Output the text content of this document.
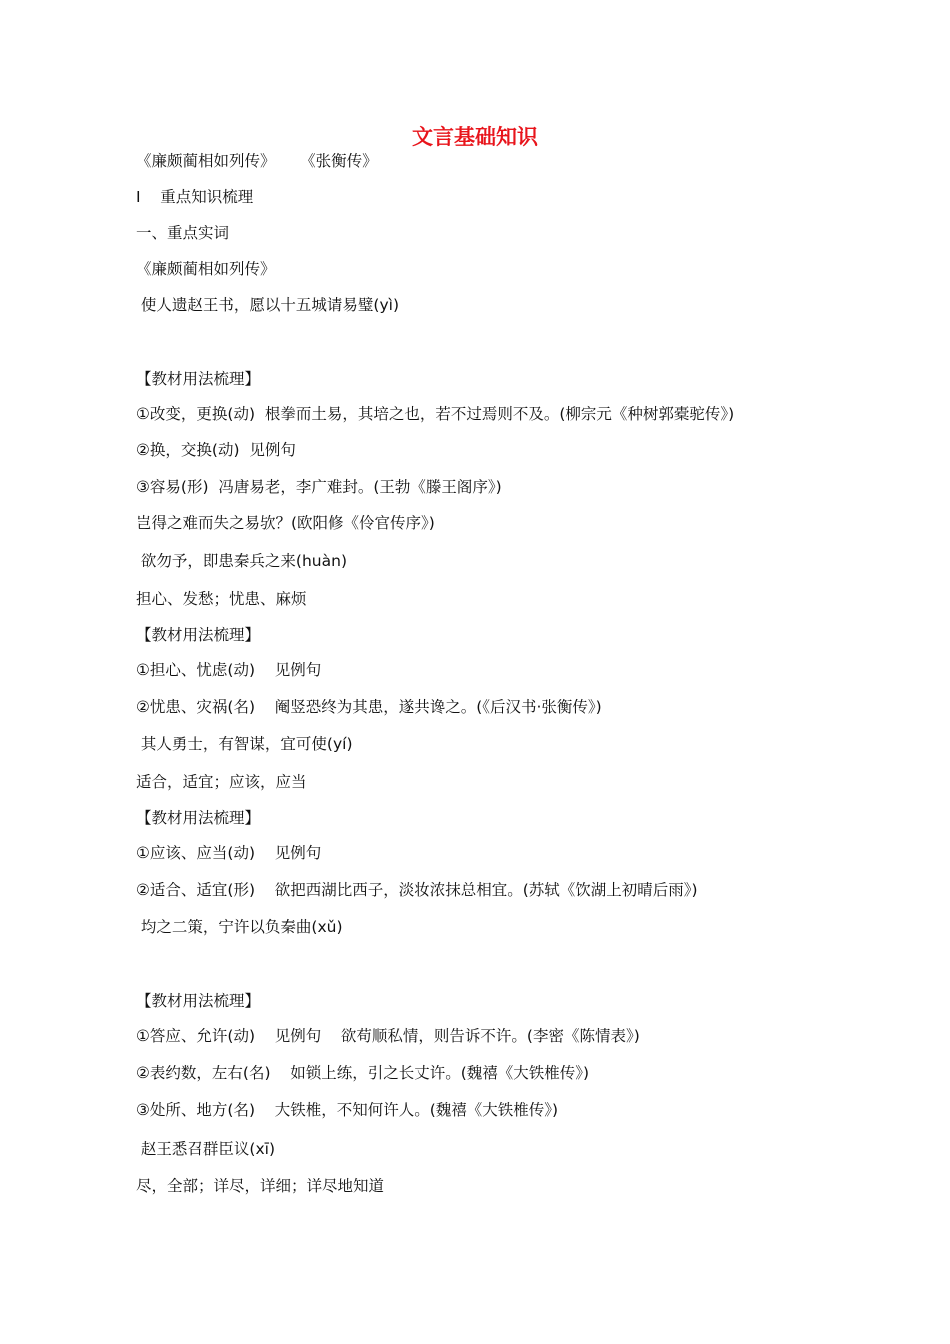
文言基础知识
《廉颇蔺相如列传》     《张衡传》
Ⅰ    重点知识梳理
一、重点实词
《廉颇蔺相如列传》
使人遗赵王书，愿以十五城请易璧(yì)
【教材用法梳理】
①改变，更换(动)  根拳而土易，其培之也，若不过焉则不及。(柳宗元《种树郭橐驼传》)
②换，交换(动)  见例句
③容易(形)  冯唐易老，李广难封。(王勃《滕王阁序》)
岂得之难而失之易欤？(欧阳修《伶官传序》)
欲勿予，即患秦兵之来(huàn)
担心、发愁；忧患、麻烦
【教材用法梳理】
①担心、忧虑(动)    见例句
②忧患、灾祸(名)    阉竖恐终为其患，遂共谗之。(《后汉书·张衡传》)
其人勇士，有智谋，宜可使(yí)
适合，适宜；应该，应当
【教材用法梳理】
①应该、应当(动)    见例句
②适合、适宜(形)    欲把西湖比西子，淡妆浓抹总相宜。(苏轼《饮湖上初晴后雨》)
均之二策，宁许以负秦曲(xǔ)
【教材用法梳理】
①答应、允许(动)    见例句    欲苟顺私情，则告诉不许。(李密《陈情表》)
②表约数，左右(名)    如锁上练，引之长丈许。(魏禧《大铁椎传》)
③处所、地方(名)    大铁椎，不知何许人。(魏禧《大铁椎传》)
赵王悉召群臣议(xī)
尽，全部；详尽，详细；详尽地知道
